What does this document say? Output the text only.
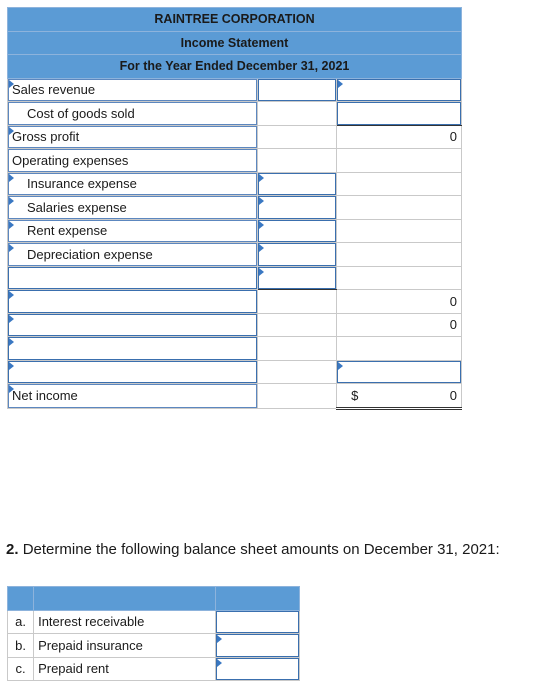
RAINTREE CORPORATION		
Income Statement		
For the Year Ended December 31, 2021		
Sales revenue		
Cost of goods sold		
Gross profit		0
Operating expenses		
Insurance expense		
Salaries expense		
Rent expense		
Depreciation expense		

		0
		0

Net income		$ 0
2. Determine the following balance sheet amounts on December 31, 2021:

a.	Interest receivable	
b.	Prepaid insurance	
c.	Prepaid rent	
